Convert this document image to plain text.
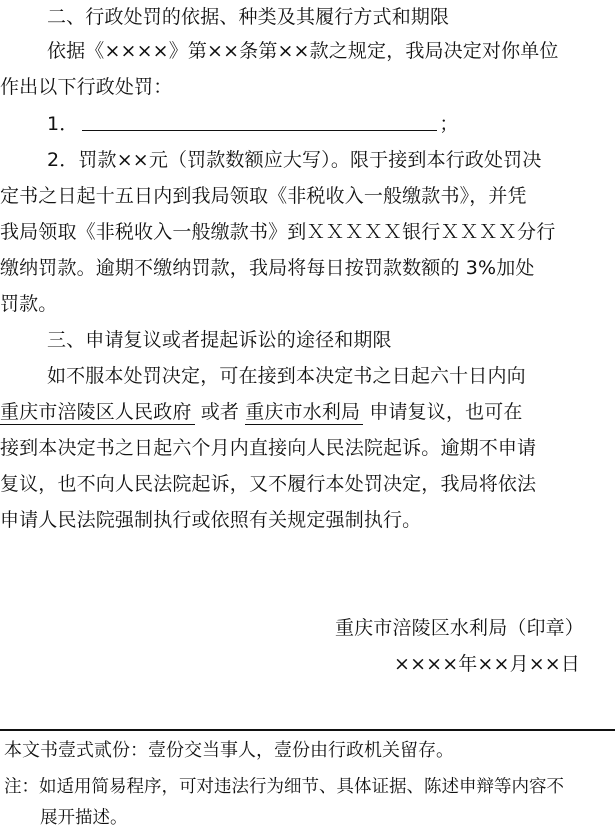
二、行政处罚的依据、种类及其履行方式和期限
依据《××××》第××条第××款之规定，我局决定对你单位
作出以下行政处罚：
1．	；
2．罚款××元（罚款数额应大写）。限于接到本行政处罚决
定书之日起十五日内到我局领取《非税收入一般缴款书》，并凭
我局领取《非税收入一般缴款书》到ＸＸＸＸＸ银行ＸＸＸＸ分行
缴纳罚款。逾期不缴纳罚款，我局将每日按罚款数额的 3%加处
罚款。
三、申请复议或者提起诉讼的途径和期限
如不服本处罚决定，可在接到本决定书之日起六十日内向
重庆市涪陵区人民政府 或者 重庆市水利局 申请复议，也可在
接到本决定书之日起六个月内直接向人民法院起诉。逾期不申请
复议，也不向人民法院起诉，又不履行本处罚决定，我局将依法
申请人民法院强制执行或依照有关规定强制执行。
重庆市涪陵区水利局（印章）
××××年××月××日
本文书壹式贰份：壹份交当事人，壹份由行政机关留存。
注：如适用简易程序，可对违法行为细节、具体证据、陈述申辩等内容不
展开描述。
